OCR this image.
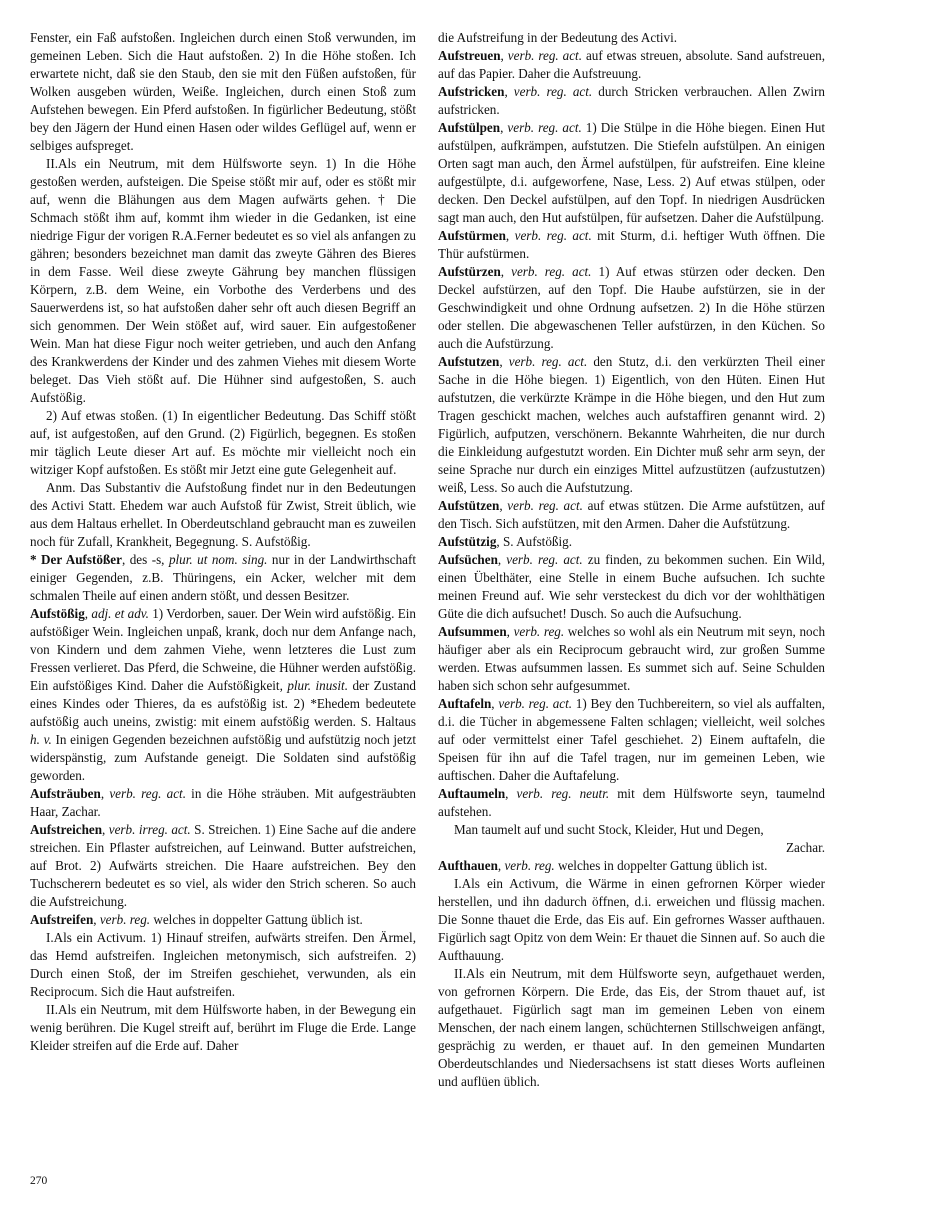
Fenster, ein Faß aufstoßen. Ingleichen durch einen Stoß verwunden, im gemeinen Leben. Sich die Haut aufstoßen. 2) In die Höhe stoßen. Ich erwartete nicht, daß sie den Staub, den sie mit den Füßen aufstoßen, für Wolken ausgeben würden, Weiße. Ingleichen, durch einen Stoß zum Aufstehen bewegen. Ein Pferd aufstoßen. In figürlicher Bedeutung, stößt bey den Jägern der Hund einen Hasen oder wildes Geflügel auf, wenn er selbiges aufspreget.

II.Als ein Neutrum, mit dem Hülfsworte seyn. 1) In die Höhe gestoßen werden, aufsteigen. Die Speise stößt mir auf, oder es stößt mir auf, wenn die Blähungen aus dem Magen aufwärts gehen. † Die Schmach stößt ihm auf, kommt ihm wieder in die Gedanken, ist eine niedrige Figur der vorigen R.A.Ferner bedeutet es so viel als anfangen zu gähren; besonders bezeichnet man damit das zweyte Gähren des Bieres in dem Fasse. Weil diese zweyte Gährung bey manchen flüssigen Körpern, z.B. dem Weine, ein Vorbothe des Verderbens und des Sauerwerdens ist, so hat aufstoßen daher sehr oft auch diesen Begriff an sich genommen. Der Wein stößet auf, wird sauer. Ein aufgestoßener Wein. Man hat diese Figur noch weiter getrieben, und auch den Anfang des Krankwerdens der Kinder und des zahmen Viehes mit diesem Worte beleget. Das Vieh stößt auf. Die Hühner sind aufgestoßen, S. auch Aufstößig.

2) Auf etwas stoßen. (1) In eigentlicher Bedeutung. Das Schiff stößt auf, ist aufgestoßen, auf den Grund. (2) Figürlich, begegnen. Es stoßen mir täglich Leute dieser Art auf. Es möchte mir vielleicht noch ein witziger Kopf aufstoßen. Es stößt mir Jetzt eine gute Gelegenheit auf.

Anm. Das Substantiv die Aufstoßung findet nur in den Bedeutungen des Activi Statt. Ehedem war auch Aufstoß für Zwist, Streit üblich, wie aus dem Haltaus erhellet. In Oberdeutschland gebraucht man es zuweilen noch für Zufall, Krankheit, Begegnung. S. Aufstößig.

* Der Aufstößer, des -s, plur. ut nom. sing. nur in der Landwirthschaft einiger Gegenden, z.B. Thüringens, ein Acker, welcher mit dem schmalen Theile auf einen andern stößt, und dessen Besitzer.

Aufstößig, adj. et adv. 1) Verdorben, sauer. Der Wein wird aufstößig. Ein aufstößiger Wein. Ingleichen unpaß, krank, doch nur dem Anfange nach, von Kindern und dem zahmen Viehe, wenn letzteres die Lust zum Fressen verlieret. Das Pferd, die Schweine, die Hühner werden aufstößig. Ein aufstößiges Kind. Daher die Aufstößigkeit, plur. inusit. der Zustand eines Kindes oder Thieres, da es aufstößig ist. 2) *Ehedem bedeutete aufstößig auch uneins, zwistig: mit einem aufstößig werden. S. Haltaus h. v. In einigen Gegenden bezeichnen aufstößig und aufstützig noch jetzt widerspänstig, zum Aufstande geneigt. Die Soldaten sind aufstößig geworden.

Aufsträuben, verb. reg. act. in die Höhe sträuben. Mit aufgesträubten Haar, Zachar.

Aufstreichen, verb. irreg. act. S. Streichen. 1) Eine Sache auf die andere streichen. Ein Pflaster aufstreichen, auf Leinwand. Butter aufstreichen, auf Brot. 2) Aufwärts streichen. Die Haare aufstreichen. Bey den Tuchscherern bedeutet es so viel, als wider den Strich scheren. So auch die Aufstreichung.

Aufstreifen, verb. reg. welches in doppelter Gattung üblich ist.

I.Als ein Activum. 1) Hinauf streifen, aufwärts streifen. Den Ärmel, das Hemd aufstreifen. Ingleichen metonymisch, sich aufstreifen. 2) Durch einen Stoß, der im Streifen geschiehet, verwunden, als ein Reciprocum. Sich die Haut aufstreifen.

II.Als ein Neutrum, mit dem Hülfsworte haben, in der Bewegung ein wenig berühren. Die Kugel streift auf, berührt im Fluge die Erde. Lange Kleider streifen auf die Erde auf. Daher

die Aufstreifung in der Bedeutung des Activi.

Aufstreuen, verb. reg. act. auf etwas streuen, absolute. Sand aufstreuen, auf das Papier. Daher die Aufstreuung.

Aufstricken, verb. reg. act. durch Stricken verbrauchen. Allen Zwirn aufstricken.

Aufstülpen, verb. reg. act. 1) Die Stülpe in die Höhe biegen. Einen Hut aufstülpen, aufkrämpen, aufstutzen. Die Stiefeln aufstülpen. An einigen Orten sagt man auch, den Ärmel aufstülpen, für aufstreifen. Eine kleine aufgestülpte, d.i. aufgeworfene, Nase, Less. 2) Auf etwas stülpen, oder decken. Den Deckel aufstülpen, auf den Topf. In niedrigen Ausdrücken sagt man auch, den Hut aufstülpen, für aufsetzen. Daher die Aufstülpung.

Aufstürmen, verb. reg. act. mit Sturm, d.i. heftiger Wuth öffnen. Die Thür aufstürmen.

Aufstürzen, verb. reg. act. 1) Auf etwas stürzen oder decken. Den Deckel aufstürzen, auf den Topf. Die Haube aufstürzen, sie in der Geschwindigkeit und ohne Ordnung aufsetzen. 2) In die Höhe stürzen oder stellen. Die abgewaschenen Teller aufstürzen, in den Küchen. So auch die Aufstürzung.

Aufstutzen, verb. reg. act. den Stutz, d.i. den verkürzten Theil einer Sache in die Höhe biegen. 1) Eigentlich, von den Hüten. Einen Hut aufstutzen, die verkürzte Krämpe in die Höhe biegen, und den Hut zum Tragen geschickt machen, welches auch aufstaffiren genannt wird. 2) Figürlich, aufputzen, verschönern. Bekannte Wahrheiten, die nur durch die Einkleidung aufgestutzt worden. Ein Dichter muß sehr arm seyn, der seine Sprache nur durch ein einziges Mittel aufzustützen (aufzustutzen) weiß, Less. So auch die Aufstutzung.

Aufstützen, verb. reg. act. auf etwas stützen. Die Arme aufstützen, auf den Tisch. Sich aufstützen, mit den Armen. Daher die Aufstützung.

Aufstützig, S. Aufstößig.

Aufsüchen, verb. reg. act. zu finden, zu bekommen suchen. Ein Wild, einen Übelthäter, eine Stelle in einem Buche aufsuchen. Ich suchte meinen Freund auf. Wie sehr versteckest du dich vor der wohlthätigen Güte die dich aufsuchet! Dusch. So auch die Aufsuchung.

Aufsummen, verb. reg. welches so wohl als ein Neutrum mit seyn, noch häufiger aber als ein Reciprocum gebraucht wird, zur großen Summe werden. Etwas aufsummen lassen. Es summet sich auf. Seine Schulden haben sich schon sehr aufgesummet.

Auftafeln, verb. reg. act. 1) Bey den Tuchbereitern, so viel als auffalten, d.i. die Tücher in abgemessene Falten schlagen; vielleicht, weil solches auf oder vermittelst einer Tafel geschiehet. 2) Einem auftafeln, die Speisen für ihn auf die Tafel tragen, nur im gemeinen Leben, wie auftischen. Daher die Auftafelung.

Auftaumeln, verb. reg. neutr. mit dem Hülfsworte seyn, taumelnd aufstehen.

Man taumelt auf und sucht Stock, Kleider, Hut und Degen,

Zachar.

Aufthauen, verb. reg. welches in doppelter Gattung üblich ist.

I.Als ein Activum, die Wärme in einen gefrornen Körper wieder herstellen, und ihn dadurch öffnen, d.i. erweichen und flüssig machen. Die Sonne thauet die Erde, das Eis auf. Ein gefrornes Wasser aufthauen. Figürlich sagt Opitz von dem Wein: Er thauet die Sinnen auf. So auch die Aufthauung.

II.Als ein Neutrum, mit dem Hülfsworte seyn, aufgethauet werden, von gefrornen Körpern. Die Erde, das Eis, der Strom thauet auf, ist aufgethauet. Figürlich sagt man im gemeinen Leben von einem Menschen, der nach einem langen, schüchternen Stillschweigen anfängt, gesprächig zu werden, er thauet auf. In den gemeinen Mundarten Oberdeutschlandes und Niedersachsens ist statt dieses Worts aufleinen und auflüen üblich.

270
